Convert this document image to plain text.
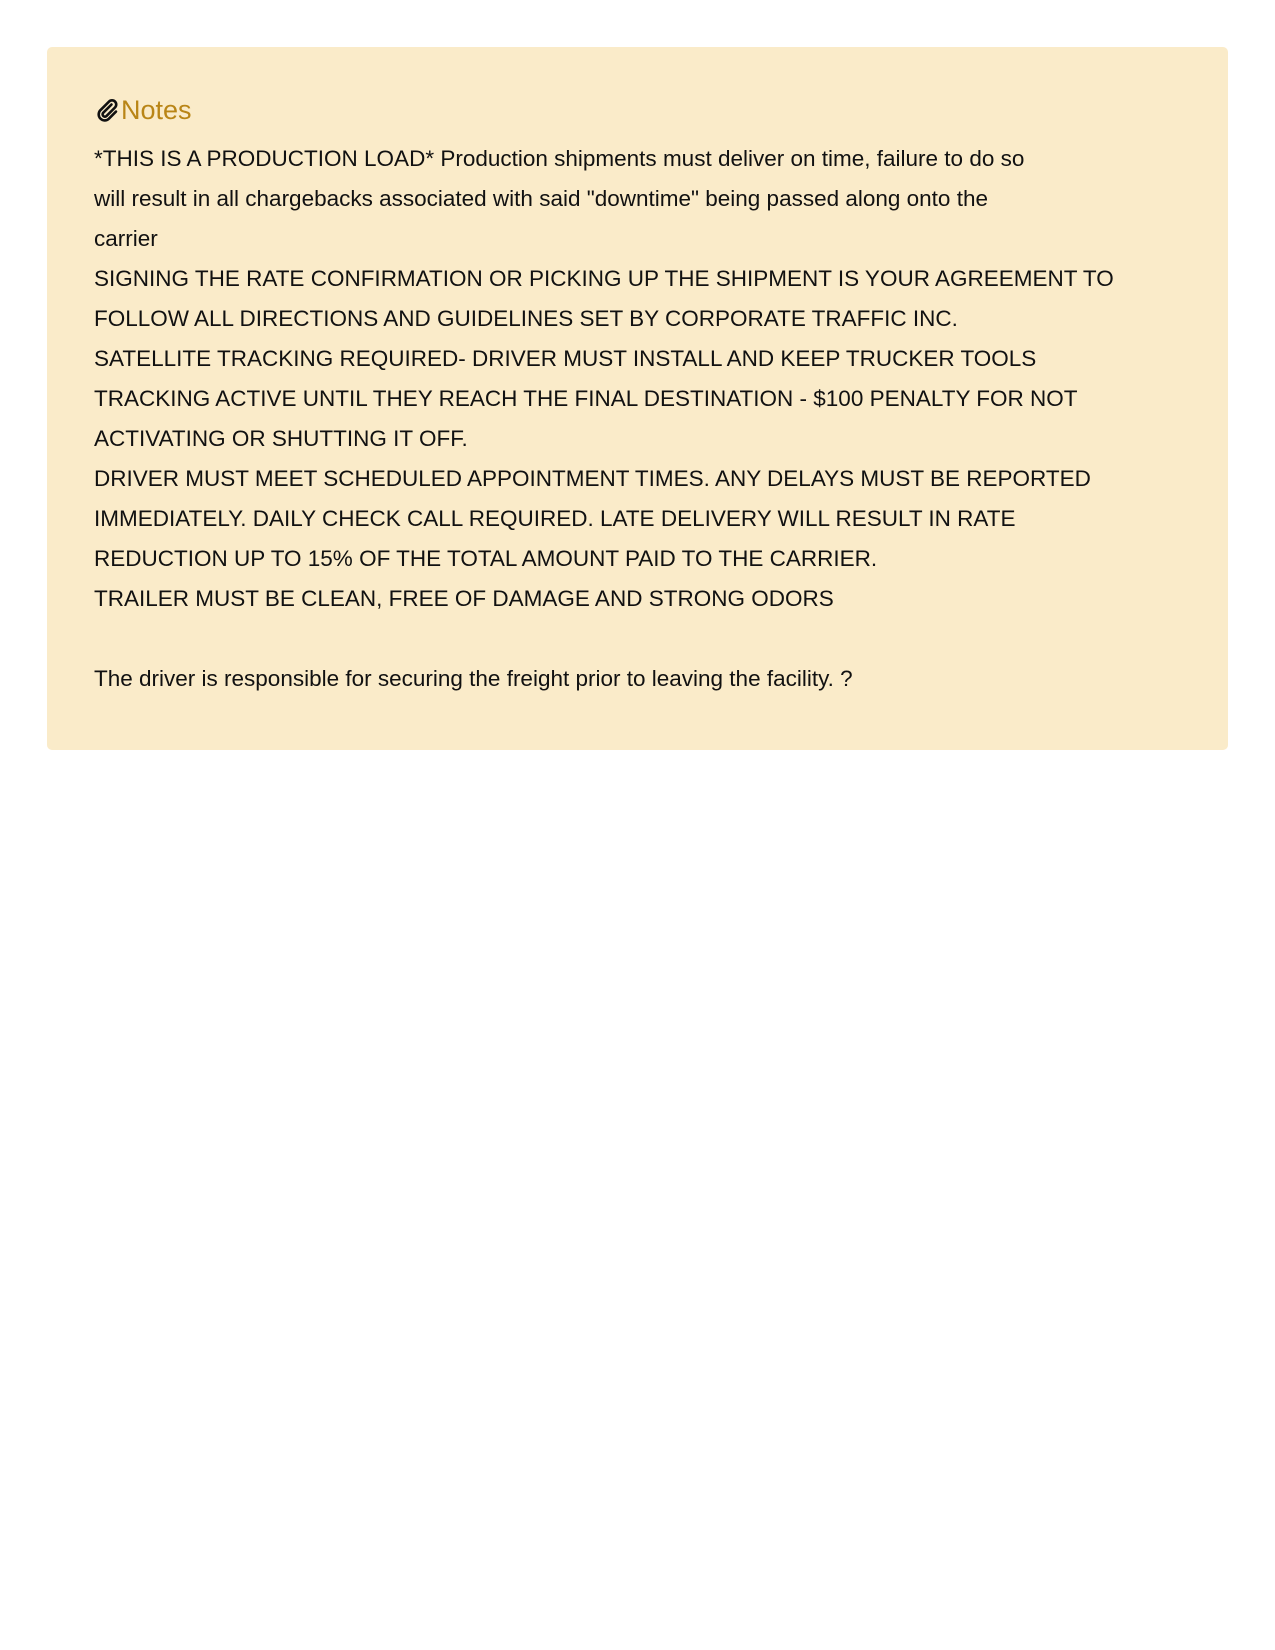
Notes
*THIS IS A PRODUCTION LOAD* Production shipments must deliver on time, failure to do so
will result in all chargebacks associated with said "downtime" being passed along onto the
carrier
SIGNING THE RATE CONFIRMATION OR PICKING UP THE SHIPMENT IS YOUR AGREEMENT TO
FOLLOW ALL DIRECTIONS AND GUIDELINES SET BY CORPORATE TRAFFIC INC.
SATELLITE TRACKING REQUIRED- DRIVER MUST INSTALL AND KEEP TRUCKER TOOLS
TRACKING ACTIVE UNTIL THEY REACH THE FINAL DESTINATION - $100 PENALTY FOR NOT
ACTIVATING OR SHUTTING IT OFF.
DRIVER MUST MEET SCHEDULED APPOINTMENT TIMES. ANY DELAYS MUST BE REPORTED
IMMEDIATELY. DAILY CHECK CALL REQUIRED. LATE DELIVERY WILL RESULT IN RATE
REDUCTION UP TO 15% OF THE TOTAL AMOUNT PAID TO THE CARRIER.
TRAILER MUST BE CLEAN, FREE OF DAMAGE AND STRONG ODORS
The driver is responsible for securing the freight prior to leaving the facility. ?
